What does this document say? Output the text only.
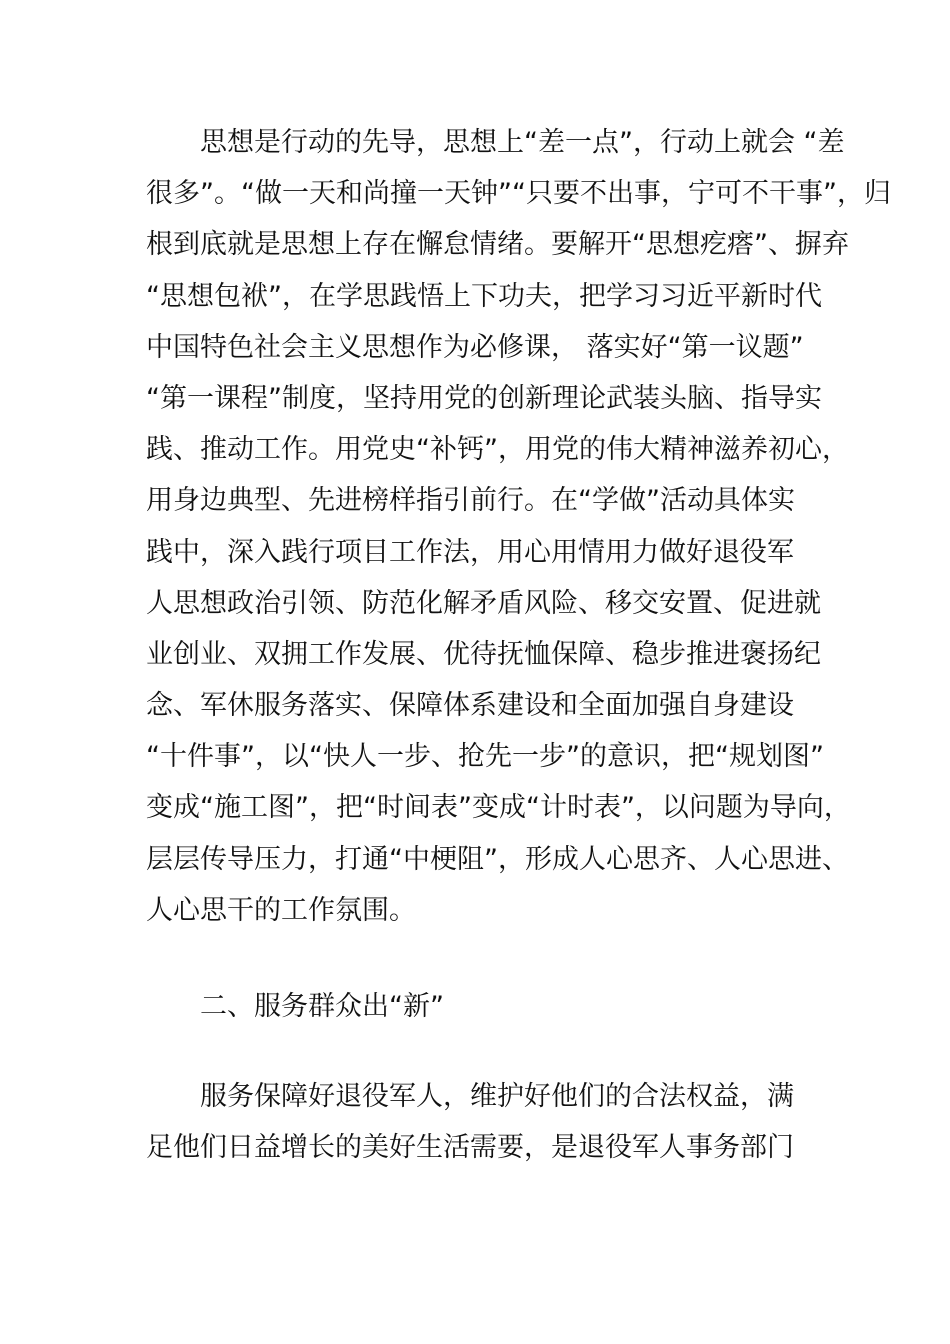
思想是行动的先导，思想上“差一点”，行动上就会 “差
很多”。“做一天和尚撞一天钟”“只要不出事，宁可不干事”，归
根到底就是思想上存在懈怠情绪。要解开“思想疙瘩”、摒弃
“思想包袱”，在学思践悟上下功夫，把学习习近平新时代
中国特色社会主义思想作为必修课， 落实好“第一议题”
“第一课程”制度，坚持用党的创新理论武装头脑、指导实
践、推动工作。用党史“补钙”，用党的伟大精神滋养初心，
用身边典型、先进榜样指引前行。在“学做”活动具体实
践中，深入践行项目工作法，用心用情用力做好退役军
人思想政治引领、防范化解矛盾风险、移交安置、促进就
业创业、双拥工作发展、优待抚恤保障、稳步推进褒扬纪
念、军休服务落实、保障体系建设和全面加强自身建设
“十件事”，以“快人一步、抢先一步”的意识，把“规划图”
变成“施工图”，把“时间表”变成“计时表”，以问题为导向，
层层传导压力，打通“中梗阻”，形成人心思齐、人心思进、
人心思干的工作氛围。
二、服务群众出“新”
服务保障好退役军人，维护好他们的合法权益，满
足他们日益增长的美好生活需要，是退役军人事务部门
